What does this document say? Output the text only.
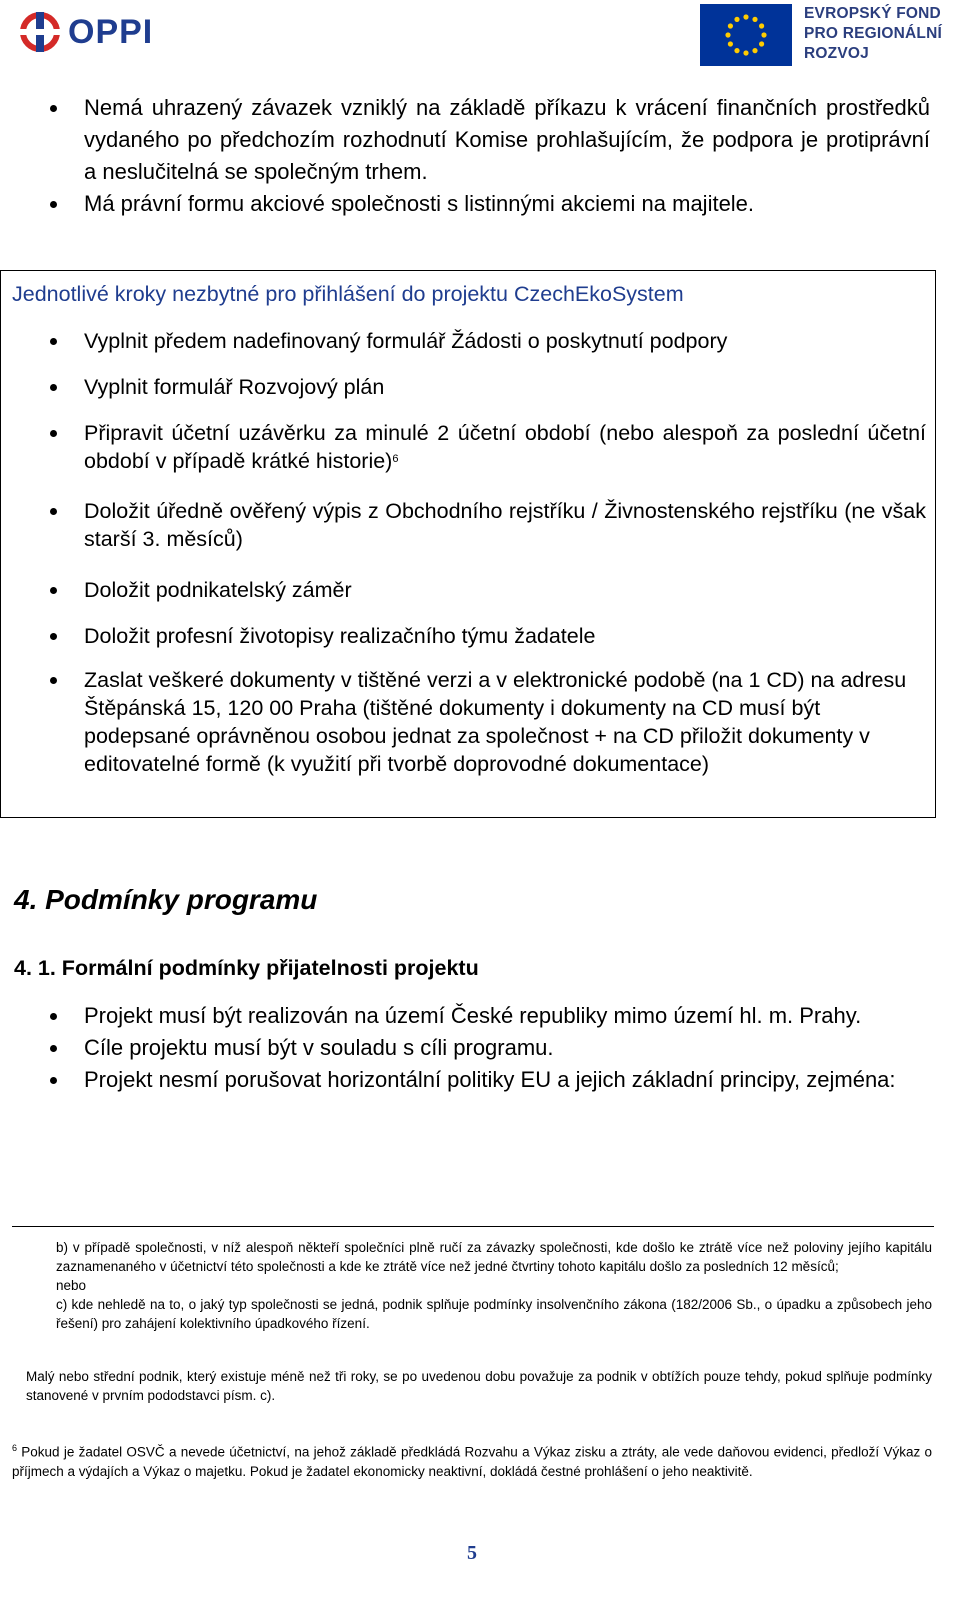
OPPI	EVROPSKÝ FOND
PRO REGIONÁLNÍ
ROZVOJ
Nemá uhrazený závazek vzniklý na základě příkazu k vrácení finančních prostředků vydaného po předchozím rozhodnutí Komise prohlašujícím, že podpora je protiprávní a neslučitelná se společným trhem.
Má právní formu akciové společnosti s listinnými akciemi na majitele.
Jednotlivé kroky nezbytné pro přihlášení do projektu CzechEkoSystem
Vyplnit předem nadefinovaný formulář Žádosti o poskytnutí podpory
Vyplnit formulář Rozvojový plán
Připravit účetní uzávěrku za minulé 2 účetní období (nebo alespoň za poslední účetní období v případě krátké historie)$^6$
Doložit úředně ověřený výpis z Obchodního rejstříku / Živnostenského rejstříku (ne však starší 3. měsíců)
Doložit podnikatelský záměr
Doložit profesní životopisy realizačního týmu žadatele
Zaslat veškeré dokumenty v tištěné verzi a v elektronické podobě (na 1 CD) na adresu Štěpánská 15, 120 00 Praha (tištěné dokumenty i dokumenty na CD musí být podepsané oprávněnou osobou jednat za společnost + na CD přiložit dokumenty v editovatelné formě (k využití při tvorbě doprovodné dokumentace)
4. Podmínky programu
4. 1. Formální podmínky přijatelnosti projektu
Projekt musí být realizován na území České republiky mimo území hl. m. Prahy.
Cíle projektu musí být v souladu s cíli programu.
Projekt nesmí porušovat horizontální politiky EU a jejich základní principy, zejména:

b) v případě společnosti, v níž alespoň někteří společníci plně ručí za závazky společnosti, kde došlo ke ztrátě více než poloviny jejího kapitálu zaznamenaného v účetnictví této společnosti a kde ke ztrátě více než jedné čtvrtiny tohoto kapitálu došlo za posledních 12 měsíců;

nebo

c) kde nehledě na to, o jaký typ společnosti se jedná, podnik splňuje podmínky insolvenčního zákona (182/2006 Sb., o úpadku a způsobech jeho řešení) pro zahájení kolektivního úpadkového řízení.

Malý nebo střední podnik, který existuje méně než tři roky, se po uvedenou dobu považuje za podnik v obtížích pouze tehdy, pokud splňuje podmínky stanovené v prvním pododstavci písm. c).

$^6$ Pokud je žadatel OSVČ a nevede účetnictví, na jehož základě předkládá Rozvahu a Výkaz zisku a ztráty, ale vede daňovou evidenci, předloží Výkaz o příjmech a výdajích a Výkaz o majetku. Pokud je žadatel ekonomicky neaktivní, dokládá čestné prohlášení o jeho neaktivitě.

5
